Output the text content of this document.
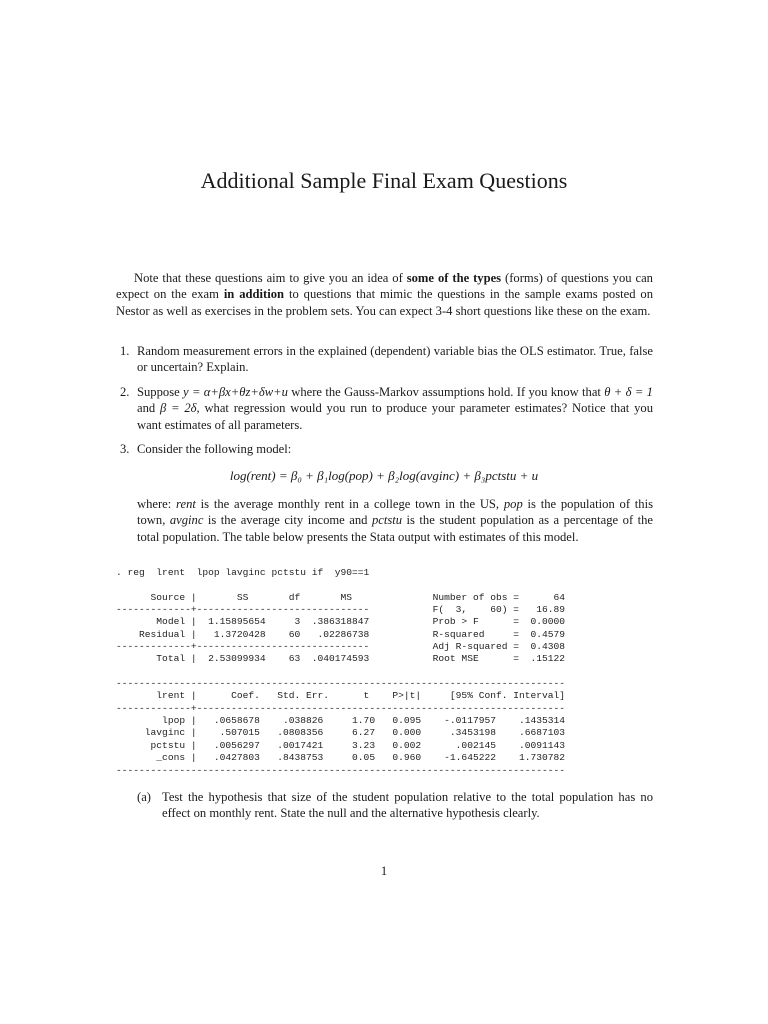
Additional Sample Final Exam Questions
Note that these questions aim to give you an idea of some of the types (forms) of questions you can expect on the exam in addition to questions that mimic the questions in the sample exams posted on Nestor as well as exercises in the problem sets. You can expect 3-4 short questions like these on the exam.
1. Random measurement errors in the explained (dependent) variable bias the OLS estimator. True, false or uncertain? Explain.
2. Suppose y = α+βx+θz+δw+u where the Gauss-Markov assumptions hold. If you know that θ + δ = 1 and β = 2δ, what regression would you run to produce your parameter estimates? Notice that you want estimates of all parameters.
3. Consider the following model:
log(rent) = β₀ + β₁log(pop) + β₂log(avginc) + β₃pctstu + u
where: rent is the average monthly rent in a college town in the US, pop is the population of this town, avginc is the average city income and pctstu is the student population as a percentage of the total population. The table below presents the Stata output with estimates of this model.
. reg  lrent  lpop lavginc pctstu if  y90==1

Source |       SS       df       MS              Number of obs =      64
-------------+------------------------------           F(  3,    60) =   16.89
Model |  1.15895654     3  .386318847           Prob > F      =  0.0000
Residual |   1.3720428    60   .02286738           R-squared     =  0.4579
-------------+------------------------------           Adj R-squared =  0.4308
Total |  2.53099934    63  .040174593           Root MSE      =  .15122

------------------------------------------------------------------------------
lrent |      Coef.   Std. Err.      t    P>|t|     [95% Conf. Interval]
-------------+----------------------------------------------------------------
lpop |   .0658678    .038826     1.70   0.095    -.0117957    .1435314
lavginc |    .507015   .0808356     6.27   0.000     .3453198    .6687103
pctstu |   .0056297   .0017421     3.23   0.002      .002145    .0091143
_cons |   .0427803   .8438753     0.05   0.960    -1.645222    1.730782
------------------------------------------------------------------------------
(a) Test the hypothesis that size of the student population relative to the total population has no effect on monthly rent. State the null and the alternative hypothesis clearly.
1
